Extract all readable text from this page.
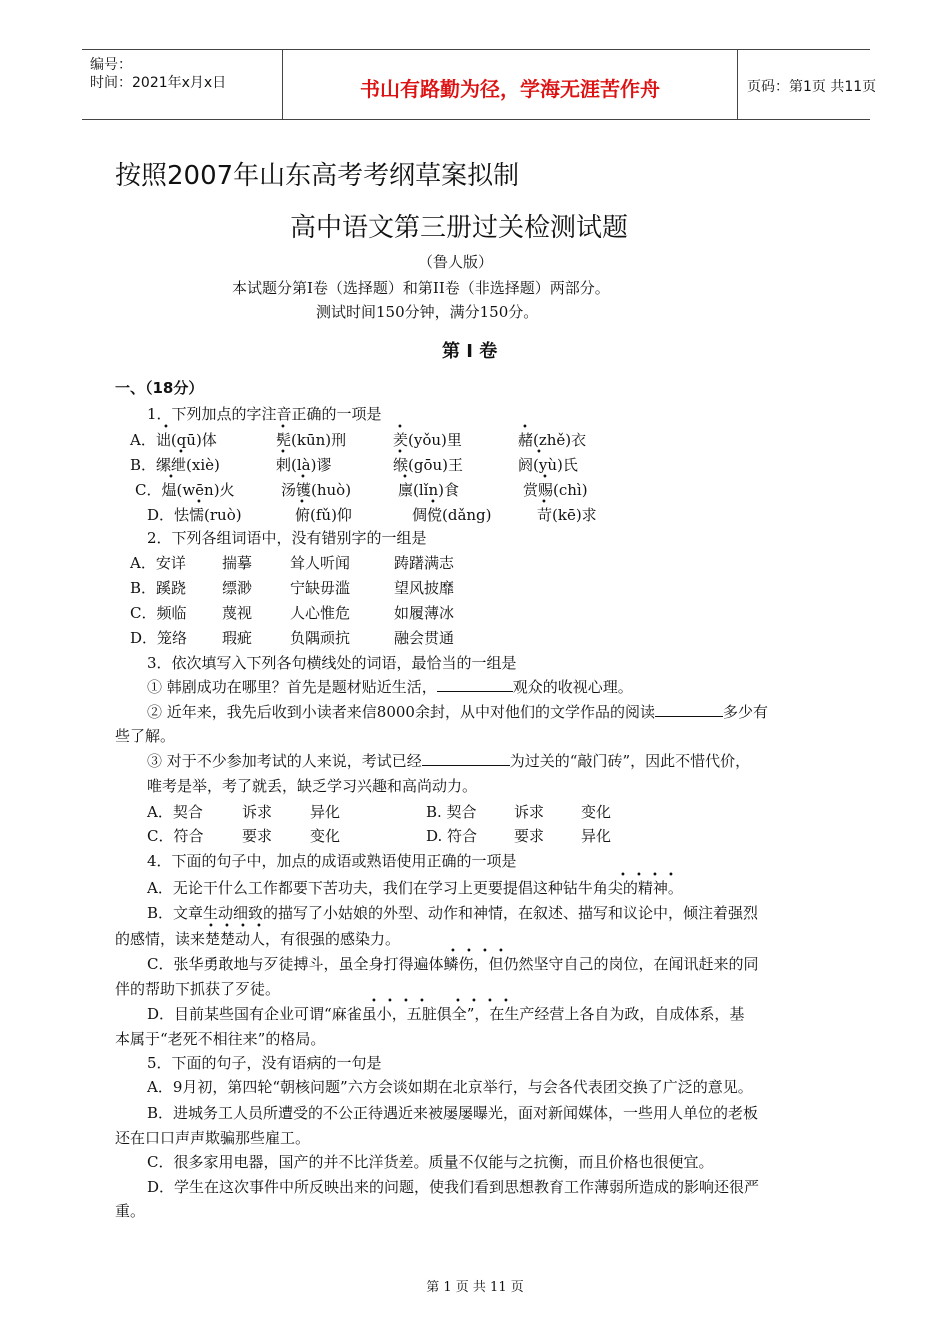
编号：
时间：2021年x月x日	书山有路勤为径，学海无涯苦作舟	页码：第1页 共11页
按照2007年山东高考考纲草案拟制
高中语文第三册过关检测试题
（鲁人版）
本试题分第I卷（选择题）和第II卷（非选择题）两部分。
测试时间150分钟，满分150分。
第 Ⅰ 卷
一、（18分）
1．下列加点的字注音正确的一项是
A．诎(qū)体	髡(kūn)刑	羑(yǒu)里	赭(zhě)衣
B．缧绁(xiè)	剌(là)谬	缑(gōu)王	阏(yù)氏
C．煴(wēn)火	汤镬(huò)	廪(lǐn)食	赏赐(chì)
D．怯懦(ruò)	俯(fǔ)仰	倜傥(dǎng)	苛(kē)求
•	•	•	•
•	•	•	•
•	•	•	•
•	•	•	•
2．下列各组词语中，没有错别字的一组是
A．安详 揣摹	耸人听闻	踌躇满志
B．蹊跷 缥渺	宁缺毋滥	望风披靡
C．频临 蔑视	人心惟危	如履薄冰
D．笼络 瑕疵	负隅顽抗	融会贯通
3．依次填写入下列各句横线处的词语，最恰当的一组是
① 韩剧成功在哪里？首先是题材贴近生活，	观众的收视心理。
② 近年来，我先后收到小读者来信8000余封，从中对他们的文学作品的阅读	多少有
些了解。
③ 对于不少参加考试的人来说，考试已经	为过关的“敲门砖”，因此不惜代价，
唯考是举，考了就丢，缺乏学习兴趣和高尚动力。
A．契合	诉求	异化	B. 契合 诉求 变化
C．符合	要求	变化	D. 符合 要求 异化
4．下面的句子中，加点的成语或熟语使用正确的一项是
A．无论干什么工作都要下苦功夫，我们在学习上更要提倡这种钻牛角尖的精神。
B．文章生动细致的描写了小姑娘的外型、动作和神情，在叙述、描写和议论中，倾注着强烈
的感情，读来楚楚动人，有很强的感染力。
C．张华勇敢地与歹徒搏斗，虽全身打得遍体鳞伤，但仍然坚守自己的岗位，在闻讯赶来的同
伴的帮助下抓获了歹徒。
D．目前某些国有企业可谓“麻雀虽小，五脏俱全”，在生产经营上各自为政，自成体系，基
本属于“老死不相往来”的格局。
• • • •
• • • •
• • • •
• • • •	• • • •
5．下面的句子，没有语病的一句是
A．9月初，第四轮“朝核问题”六方会谈如期在北京举行，与会各代表团交换了广泛的意见。
B．进城务工人员所遭受的不公正待遇近来被屡屡曝光，面对新闻媒体，一些用人单位的老板
还在口口声声欺骗那些雇工。
C．很多家用电器，国产的并不比洋货差。质量不仅能与之抗衡，而且价格也很便宜。
D．学生在这次事件中所反映出来的问题，使我们看到思想教育工作薄弱所造成的影响还很严
重。
第 1 页 共 11 页
